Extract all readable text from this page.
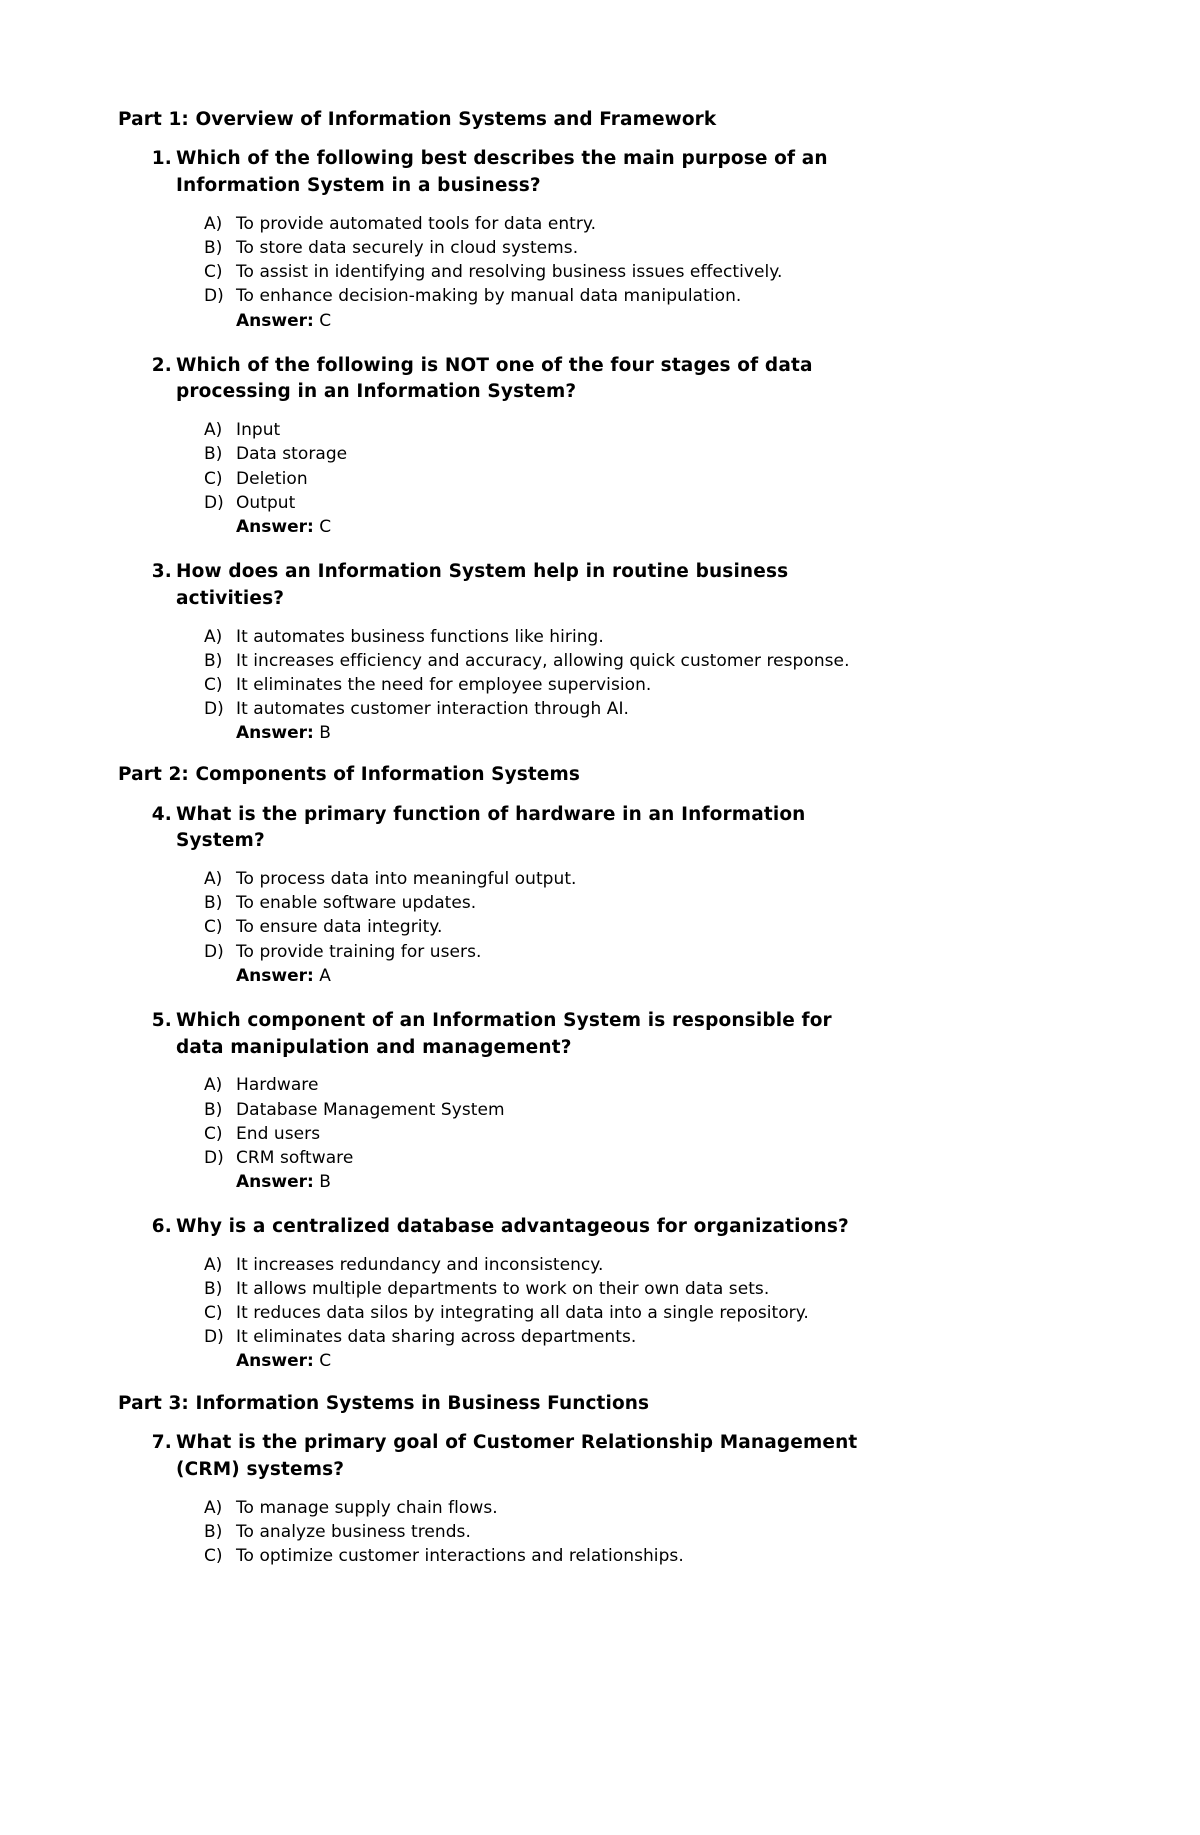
Part 1: Overview of Information Systems and Framework
1. Which of the following best describes the main purpose of an Information System in a business?
A) To provide automated tools for data entry.
B) To store data securely in cloud systems.
C) To assist in identifying and resolving business issues effectively.
D) To enhance decision-making by manual data manipulation.
Answer: C
2. Which of the following is NOT one of the four stages of data processing in an Information System?
A) Input
B) Data storage
C) Deletion
D) Output
Answer: C
3. How does an Information System help in routine business activities?
A) It automates business functions like hiring.
B) It increases efficiency and accuracy, allowing quick customer response.
C) It eliminates the need for employee supervision.
D) It automates customer interaction through AI.
Answer: B
Part 2: Components of Information Systems
4. What is the primary function of hardware in an Information System?
A) To process data into meaningful output.
B) To enable software updates.
C) To ensure data integrity.
D) To provide training for users.
Answer: A
5. Which component of an Information System is responsible for data manipulation and management?
A) Hardware
B) Database Management System
C) End users
D) CRM software
Answer: B
6. Why is a centralized database advantageous for organizations?
A) It increases redundancy and inconsistency.
B) It allows multiple departments to work on their own data sets.
C) It reduces data silos by integrating all data into a single repository.
D) It eliminates data sharing across departments.
Answer: C
Part 3: Information Systems in Business Functions
7. What is the primary goal of Customer Relationship Management (CRM) systems?
A) To manage supply chain flows.
B) To analyze business trends.
C) To optimize customer interactions and relationships.
